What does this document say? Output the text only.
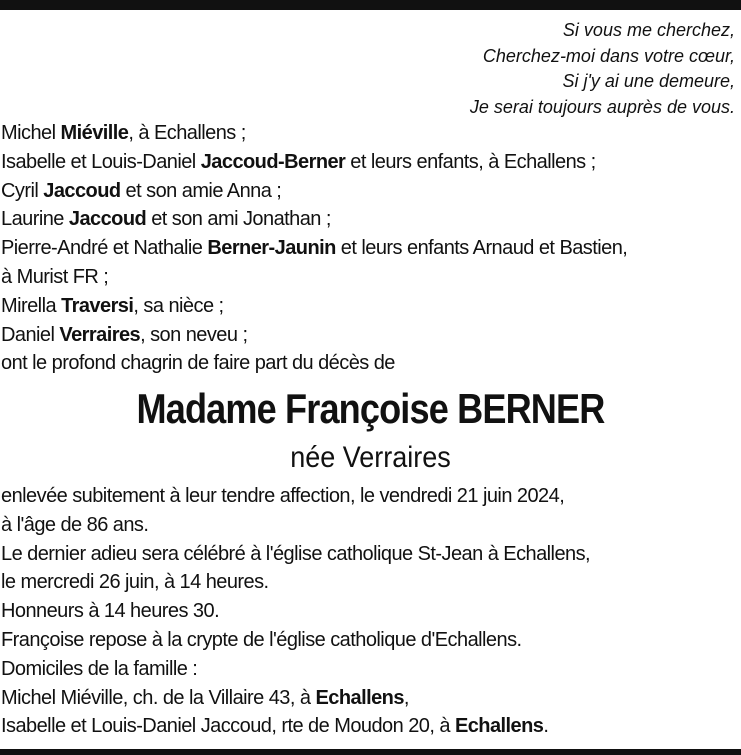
Si vous me cherchez,
Cherchez-moi dans votre cœur,
Si j'y ai une demeure,
Je serai toujours auprès de vous.
Michel Miéville, à Echallens ;
Isabelle et Louis-Daniel Jaccoud-Berner et leurs enfants, à Echallens ;
Cyril Jaccoud et son amie Anna ;
Laurine Jaccoud et son ami Jonathan ;
Pierre-André et Nathalie Berner-Jaunin et leurs enfants Arnaud et Bastien,
à Murist FR ;
Mirella Traversi, sa nièce ;
Daniel Verraires, son neveu ;
ont le profond chagrin de faire part du décès de
Madame Françoise BERNER
née Verraires
enlevée subitement à leur tendre affection, le vendredi 21 juin 2024,
à l'âge de 86 ans.
Le dernier adieu sera célébré à l'église catholique St-Jean à Echallens,
le mercredi 26 juin, à 14 heures.
Honneurs à 14 heures 30.
Françoise repose à la crypte de l'église catholique d'Echallens.
Domiciles de la famille :
Michel Miéville, ch. de la Villaire 43, à Echallens,
Isabelle et Louis-Daniel Jaccoud, rte de Moudon 20, à Echallens.
